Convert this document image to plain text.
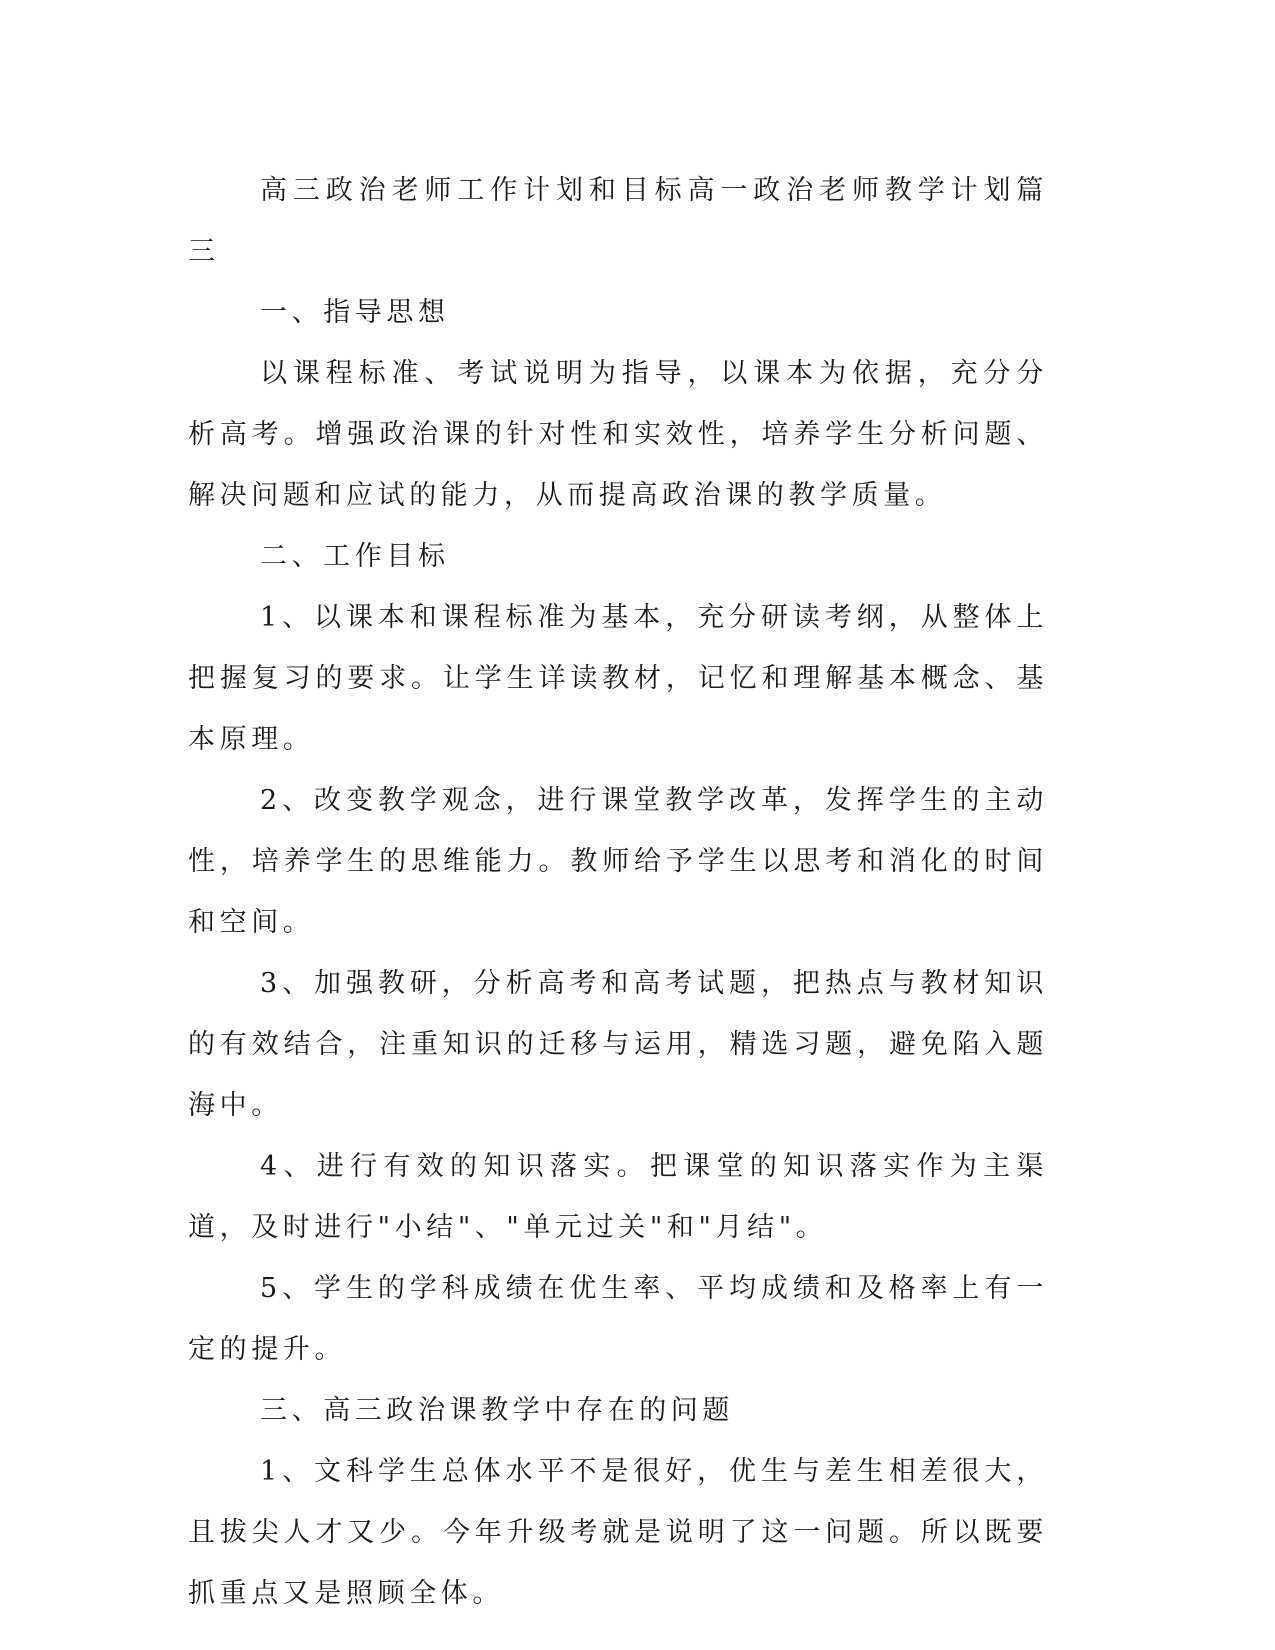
高三政治老师工作计划和目标高一政治老师教学计划篇三

一、指导思想

以课程标准、考试说明为指导，以课本为依据，充分分析高考。增强政治课的针对性和实效性，培养学生分析问题、解决问题和应试的能力，从而提高政治课的教学质量。

二、工作目标

1、以课本和课程标准为基本，充分研读考纲，从整体上把握复习的要求。让学生详读教材，记忆和理解基本概念、基本原理。

2、改变教学观念，进行课堂教学改革，发挥学生的主动性，培养学生的思维能力。教师给予学生以思考和消化的时间和空间。

3、加强教研，分析高考和高考试题，把热点与教材知识的有效结合，注重知识的迁移与运用，精选习题，避免陷入题海中。

4、进行有效的知识落实。把课堂的知识落实作为主渠道，及时进行"小结"、"单元过关"和"月结"。

5、学生的学科成绩在优生率、平均成绩和及格率上有一定的提升。

三、高三政治课教学中存在的问题

1、文科学生总体水平不是很好，优生与差生相差很大，且拔尖人才又少。今年升级考就是说明了这一问题。所以既要抓重点又是照顾全体。
